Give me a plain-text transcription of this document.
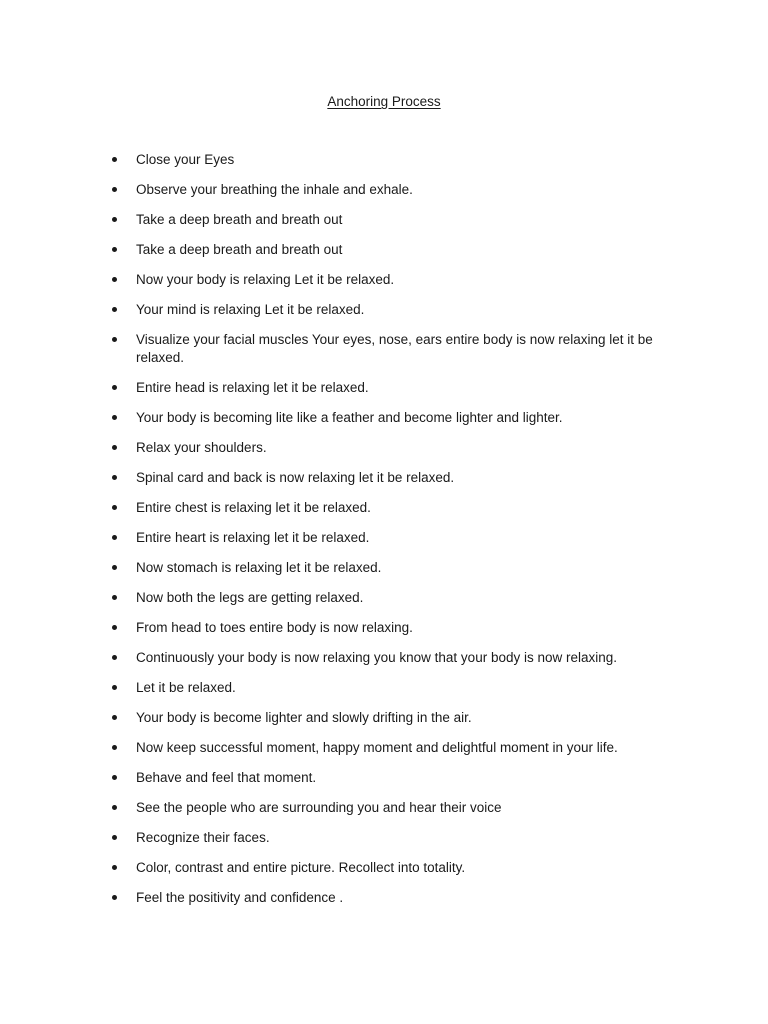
Anchoring Process
Close your Eyes
Observe your breathing the inhale and exhale.
Take a deep breath and breath out
Take a deep breath and breath out
Now your body is relaxing Let it be relaxed.
Your mind is relaxing Let it be relaxed.
Visualize your facial muscles Your eyes, nose, ears entire body is now relaxing let it be relaxed.
Entire head is relaxing let it be relaxed.
Your body is becoming lite like a feather and become lighter and lighter.
Relax your shoulders.
Spinal card and back is now relaxing let it be relaxed.
Entire chest is relaxing let it be relaxed.
Entire heart is relaxing let it be relaxed.
Now stomach is relaxing let it be relaxed.
Now both the legs are getting relaxed.
From head to toes entire body is now relaxing.
Continuously your body is now relaxing you know that your body is now relaxing.
Let it be relaxed.
Your body is become lighter and slowly drifting in the air.
Now keep successful moment, happy moment and delightful moment in your life.
Behave and feel that moment.
See the people who are surrounding you and hear their voice
Recognize their faces.
Color, contrast and entire picture. Recollect into totality.
Feel the positivity and confidence .
